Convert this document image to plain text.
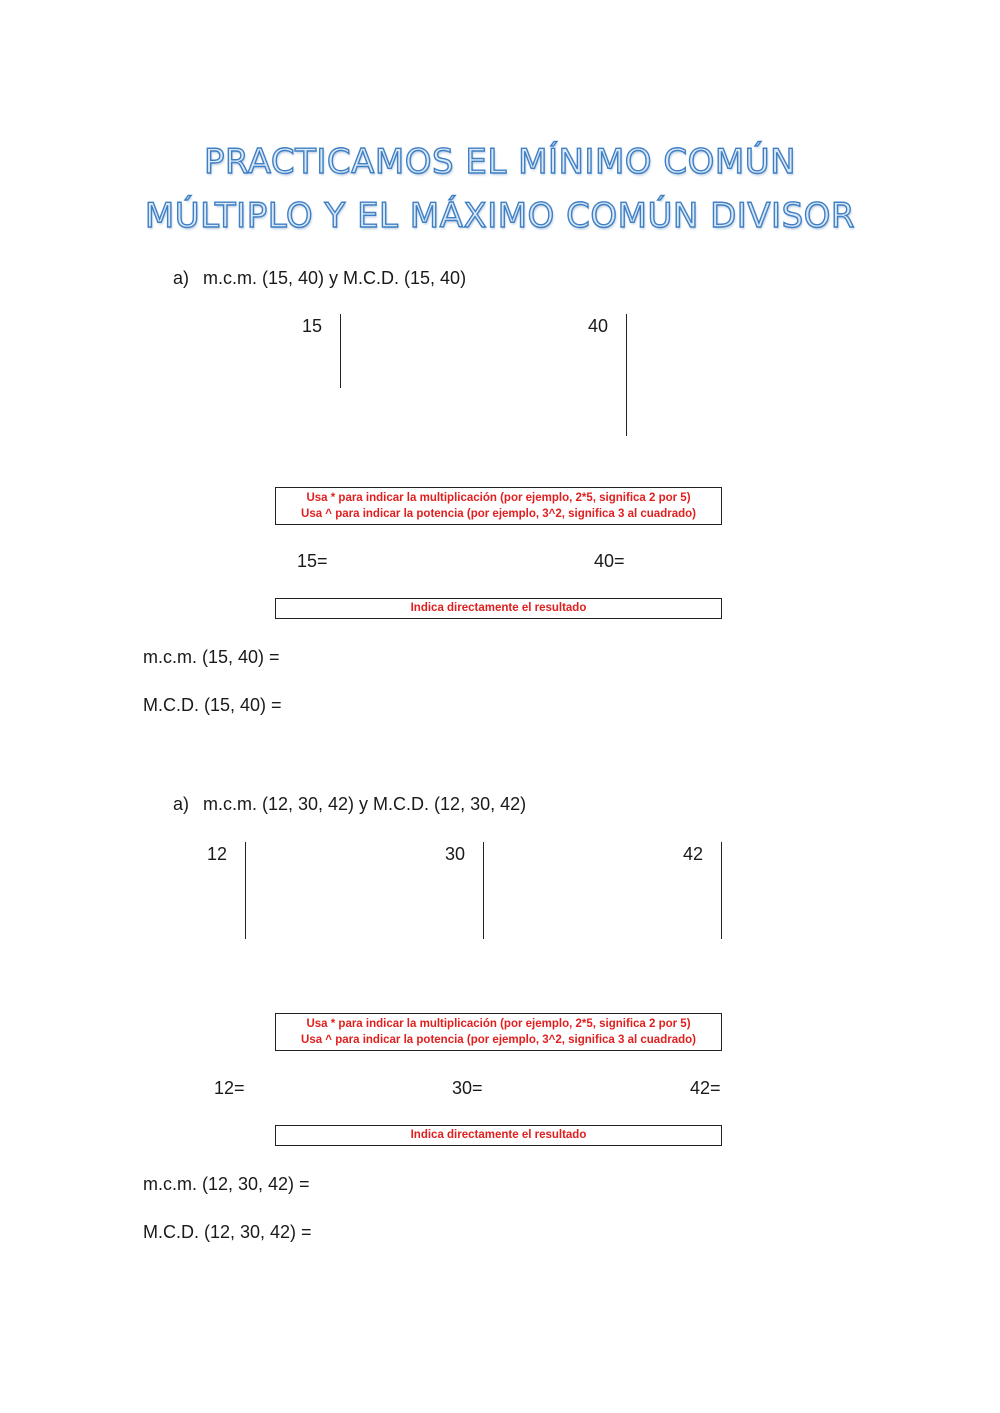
PRACTICAMOS EL MÍNIMO COMÚN
MÚLTIPLO Y EL MÁXIMO COMÚN DIVISOR
a) m.c.m. (15, 40) y M.C.D. (15, 40)
15	40
Usa * para indicar la multiplicación (por ejemplo, 2*5, significa 2 por 5)
Usa ^ para indicar la potencia (por ejemplo, 3^2, significa 3 al cuadrado)
15=	40=
Indica directamente el resultado
m.c.m. (15, 40) =
M.C.D. (15, 40) =
a) m.c.m. (12, 30, 42) y M.C.D. (12, 30, 42)
12	30	42
Usa * para indicar la multiplicación (por ejemplo, 2*5, significa 2 por 5)
Usa ^ para indicar la potencia (por ejemplo, 3^2, significa 3 al cuadrado)
12=	30=	42=
Indica directamente el resultado
m.c.m. (12, 30, 42) =
M.C.D. (12, 30, 42) =
